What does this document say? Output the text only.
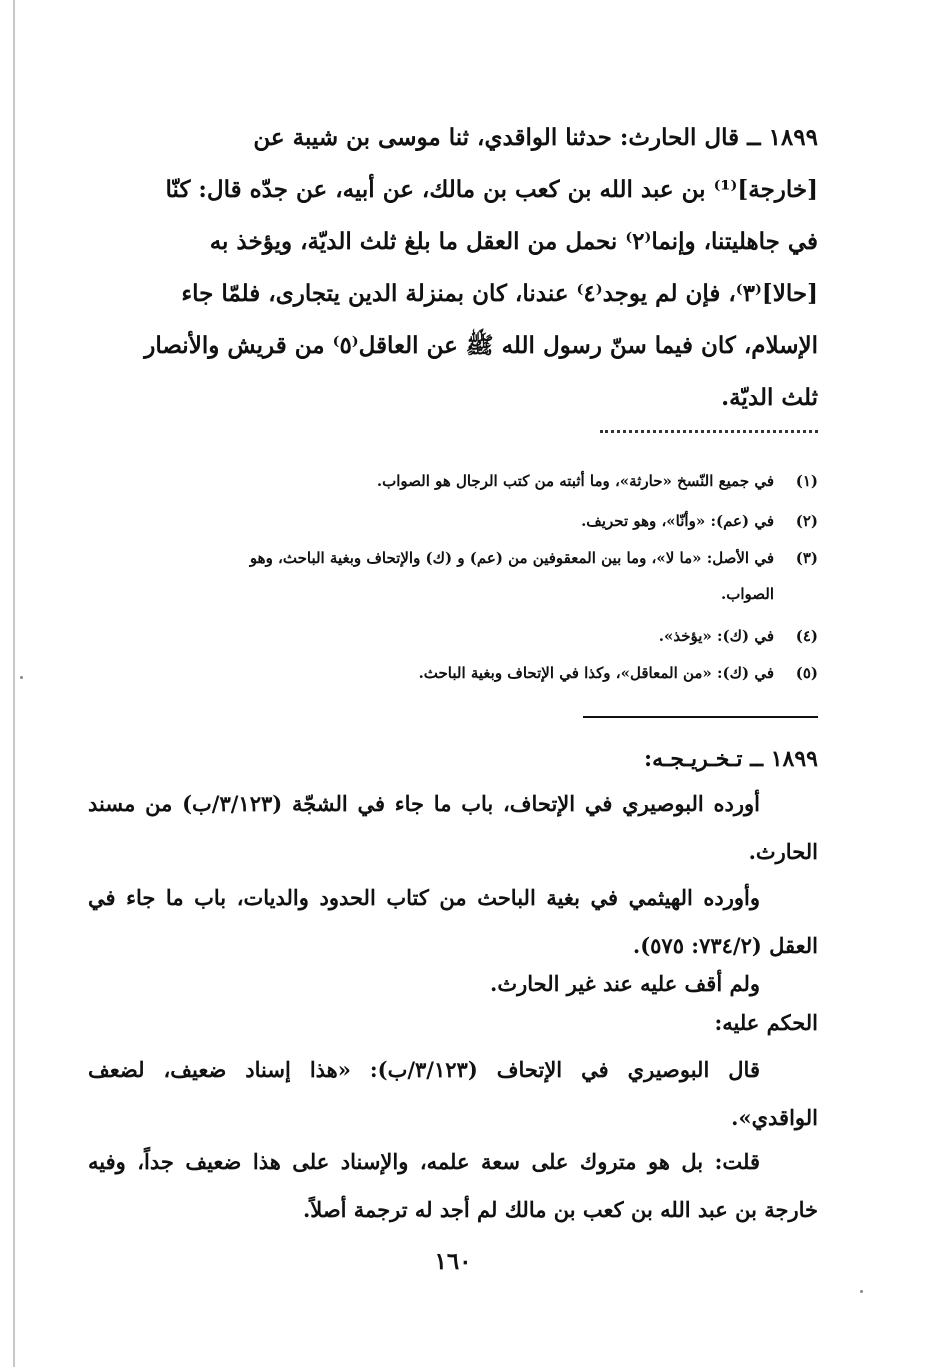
١٨٩٩ ــ قال الحارث: حدثنا الواقدي، ثنا موسى بن شيبة عن
[خارجة]⁽¹⁾ بن عبد الله بن كعب بن مالك، عن أبيه، عن جدّه قال: كنّا
في جاهليتنا، وإنما⁽٢⁾ نحمل من العقل ما بلغ ثلث الديّة، ويؤخذ به
[حالا]⁽٣⁾، فإن لم يوجد⁽٤⁾ عندنا، كان بمنزلة الدين يتجارى، فلمّا جاء
الإسلام، كان فيما سنّ رسول الله ﷺ عن العاقل⁽٥⁾ من قريش والأنصار
ثلث الديّة.
(١)في جميع النّسخ «حارثة»، وما أثبته من كتب الرجال هو الصواب.
(٢)في (عم): «وأنّا»، وهو تحريف.
(٣)في الأصل: «ما لا»، وما بين المعقوفين من (عم) و (ك) والإتحاف وبغية الباحث، وهو
الصواب.
(٤)في (ك): «يؤخذ».
(٥)في (ك): «من المعاقل»، وكذا في الإتحاف وبغية الباحث.
١٨٩٩ ــ تـخـريـجـه:
أورده البوصيري في الإتحاف، باب ما جاء في الشجّة (٣/١٢٣/ب) من مسند الحارث.
وأورده الهيثمي في بغية الباحث من كتاب الحدود والديات، باب ما جاء في العقل (٧٣٤/٢: ٥٧٥).
ولم أقف عليه عند غير الحارث.
الحكم عليه:
قال البوصيري في الإتحاف (٣/١٢٣/ب): «هذا إسناد ضعيف، لضعف الواقدي».
قلت: بل هو متروك على سعة علمه، والإسناد على هذا ضعيف جداً، وفيه خارجة بن عبد الله بن كعب بن مالك لم أجد له ترجمة أصلاً.
١٦٠
